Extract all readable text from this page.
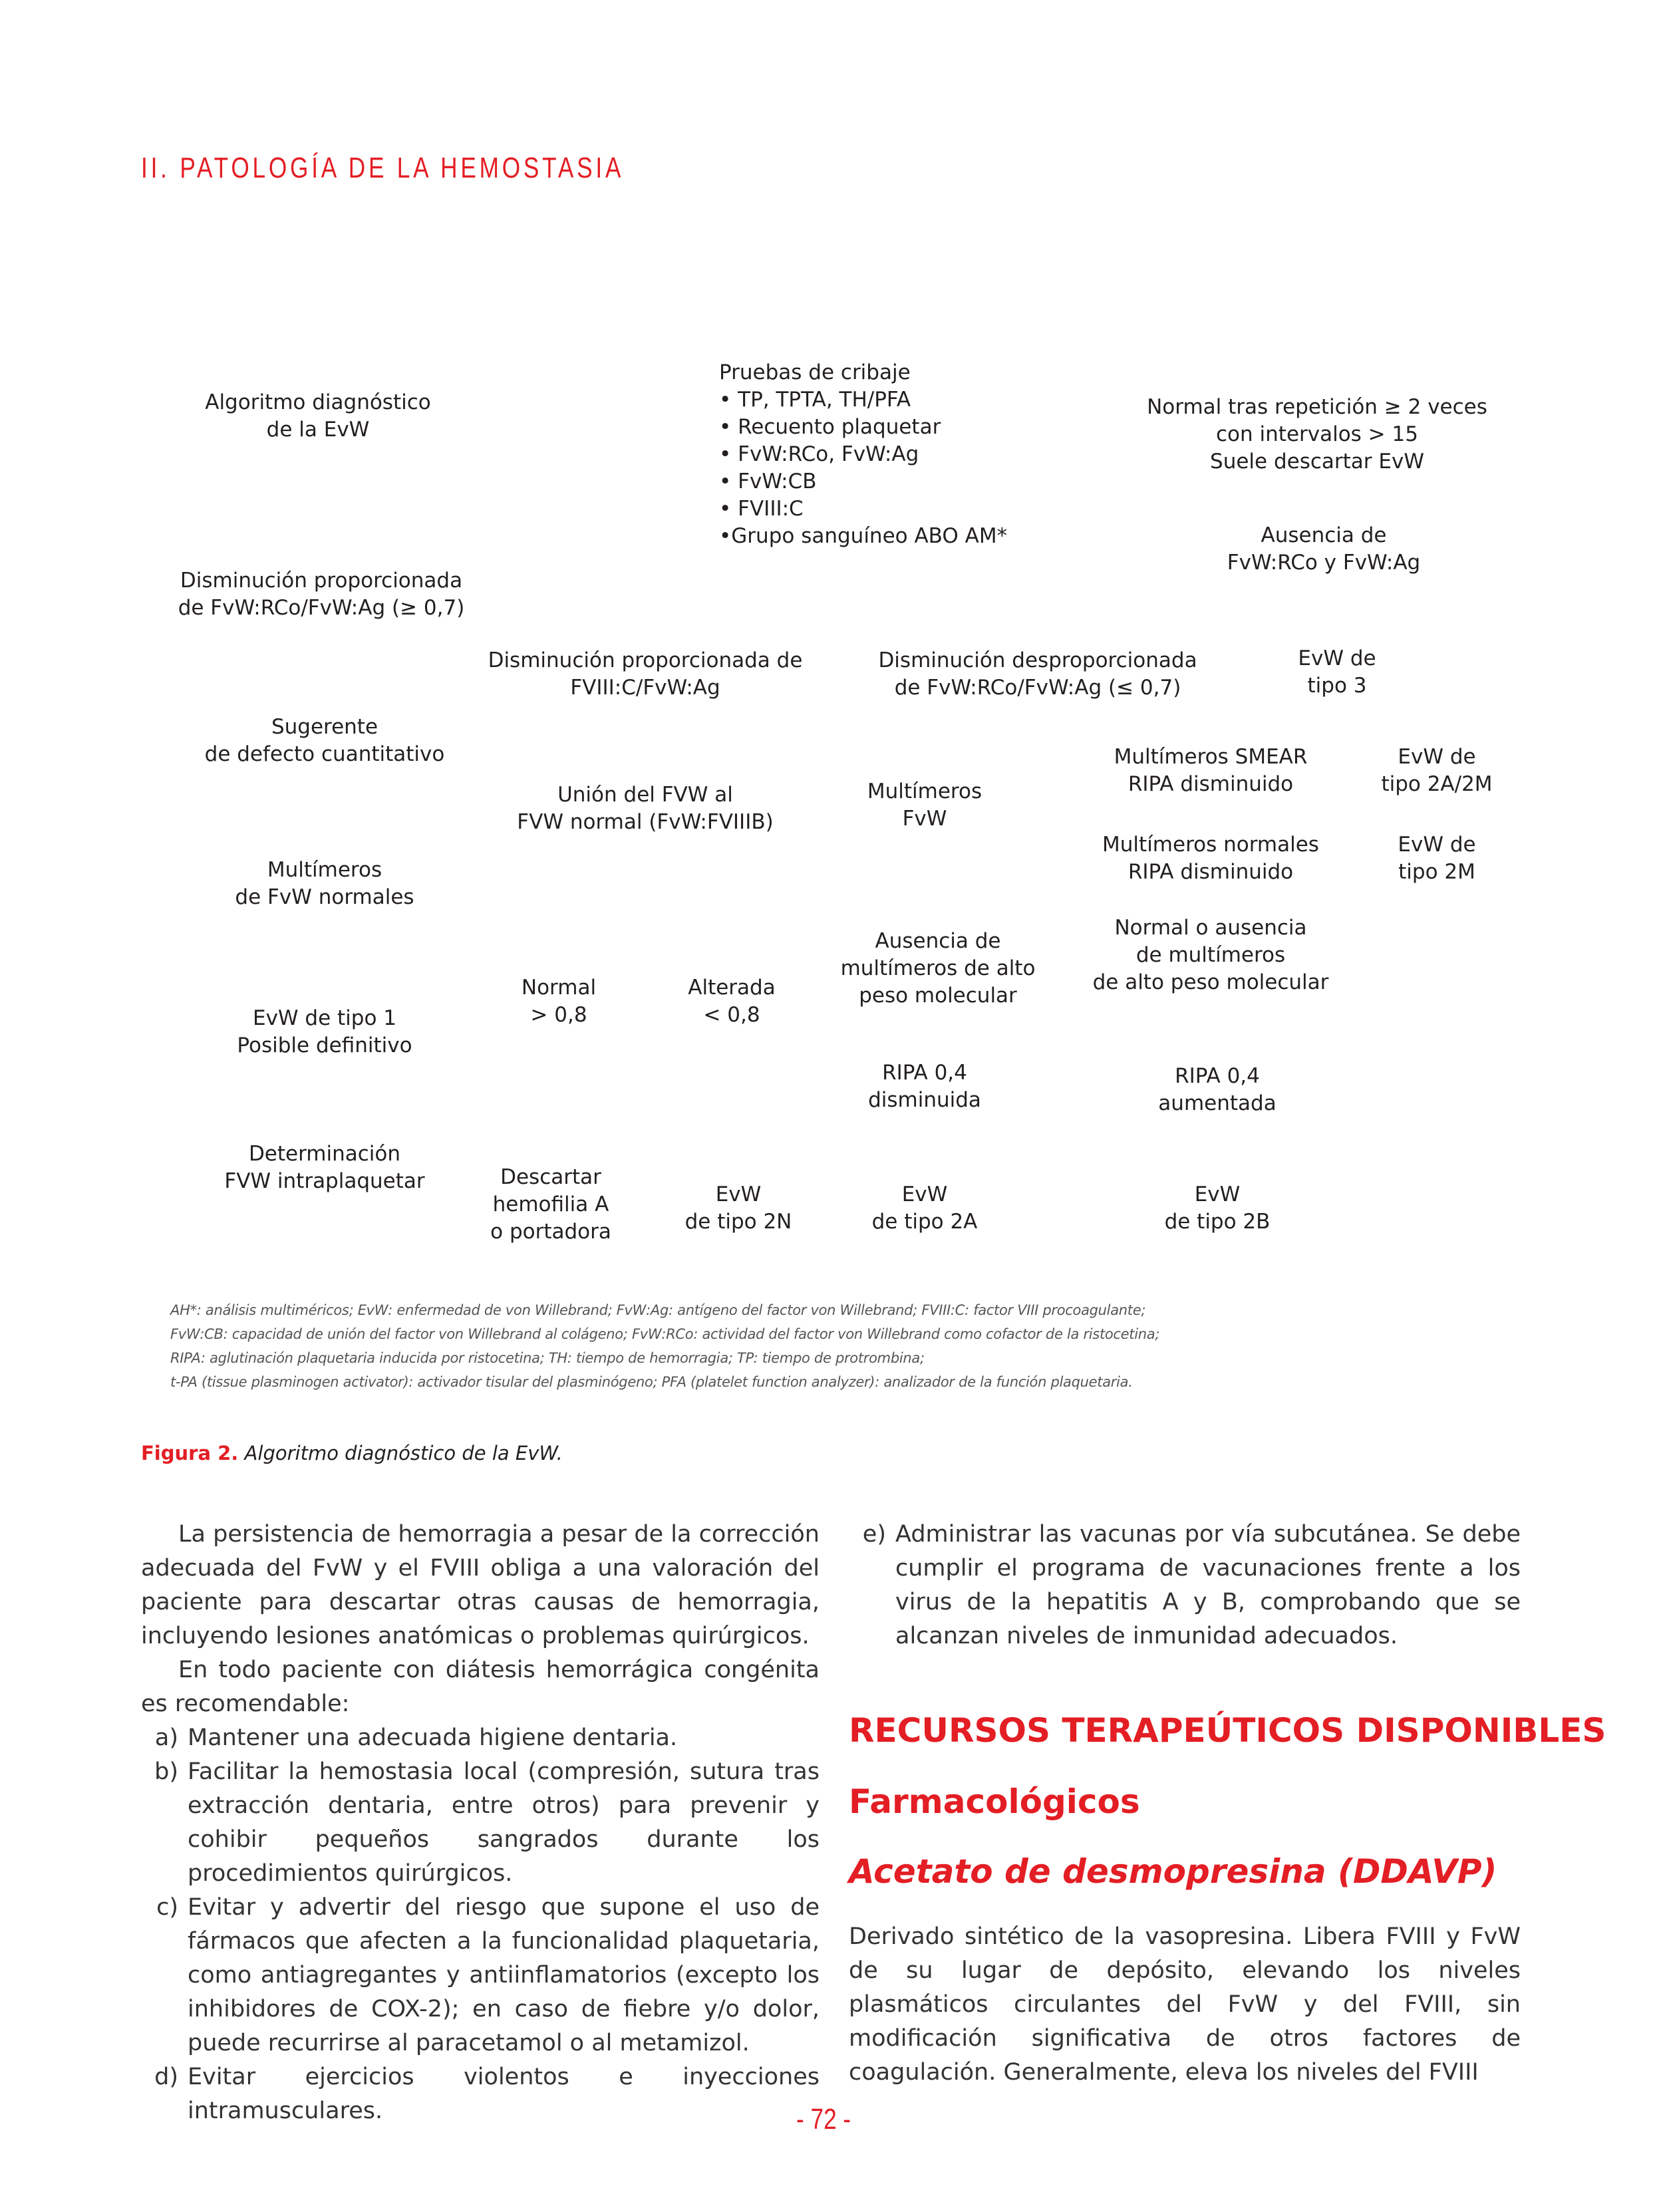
II. PATOLOGÍA DE LA HEMOSTASIA
Algoritmo diagnóstico
de la EvW
Pruebas de cribaje
• TP, TPTA, TH/PFA
• Recuento plaquetar
• FvW:RCo, FvW:Ag
• FvW:CB
• FVIII:C
•Grupo sanguíneo ABO AM*
Normal tras repetición ≥ 2 veces
con intervalos > 15
Suele descartar EvW
Ausencia de
FvW:RCo y FvW:Ag
Disminución proporcionada
de FvW:RCo/FvW:Ag (≥ 0,7)
Disminución proporcionada de
FVIII:C/FvW:Ag
Disminución desproporcionada
de FvW:RCo/FvW:Ag (≤ 0,7)
EvW de
tipo 3
Sugerente
de defecto cuantitativo
Unión del FVW al
FVW normal (FvW:FVIIIB)
Multímeros
FvW
Multímeros SMEAR
RIPA disminuido
EvW de
tipo 2A/2M
Multímeros normales
RIPA disminuido
EvW de
tipo 2M
Multímeros
de FvW normales
Ausencia de
multímeros de alto
peso molecular
Normal o ausencia
de multímeros
de alto peso molecular
Normal
> 0,8
Alterada
< 0,8
EvW de tipo 1
Posible definitivo
RIPA 0,4
disminuida
RIPA 0,4
aumentada
Determinación
FVW intraplaquetar	Descartar
hemofilia A
o portadora
EvW
de tipo 2N
EvW
de tipo 2A
EvW
de tipo 2B
AH*: análisis multiméricos; EvW: enfermedad de von Willebrand; FvW:Ag: antígeno del factor von Willebrand; FVIII:C: factor VIII procoagulante;
FvW:CB: capacidad de unión del factor von Willebrand al colágeno; FvW:RCo: actividad del factor von Willebrand como cofactor de la ristocetina;
RIPA: aglutinación plaquetaria inducida por ristocetina; TH: tiempo de hemorragia; TP: tiempo de protrombina;
t-PA (tissue plasminogen activator): activador tisular del plasminógeno; PFA (platelet function analyzer): analizador de la función plaquetaria.
Figura 2. Algoritmo diagnóstico de la EvW.

La persistencia de hemorragia a pesar de la corrección adecuada del FvW y el FVIII obliga a una valoración del paciente para descartar otras causas de hemorragia, incluyendo lesiones anatómicas o problemas quirúrgicos.

En todo paciente con diátesis hemorrágica congénita es recomendable:

a) Mantener una adecuada higiene dentaria.
b) Facilitar la hemostasia local (compresión, sutura tras extracción dentaria, entre otros) para prevenir y cohibir pequeños sangrados durante los procedimientos quirúrgicos.
c) Evitar y advertir del riesgo que supone el uso de fármacos que afecten a la funcionalidad plaquetaria, como antiagregantes y antiinflamatorios (excepto los inhibidores de COX-2); en caso de fiebre y/o dolor, puede recurrirse al paracetamol o al metamizol.
d) Evitar ejercicios violentos e inyecciones intramusculares.
e) Administrar las vacunas por vía subcutánea. Se debe cumplir el programa de vacunaciones frente a los virus de la hepatitis A y B, comprobando que se alcanzan niveles de inmunidad adecuados.
RECURSOS TERAPEÚTICOS DISPONIBLES
Farmacológicos
Acetato de desmopresina (DDAVP)

Derivado sintético de la vasopresina. Libera FVIII y FvW de su lugar de depósito, elevando los niveles plasmáticos circulantes del FvW y del FVIII, sin modificación significativa de otros factores de coagulación. Generalmente, eleva los niveles del FVIII

- 72 -
